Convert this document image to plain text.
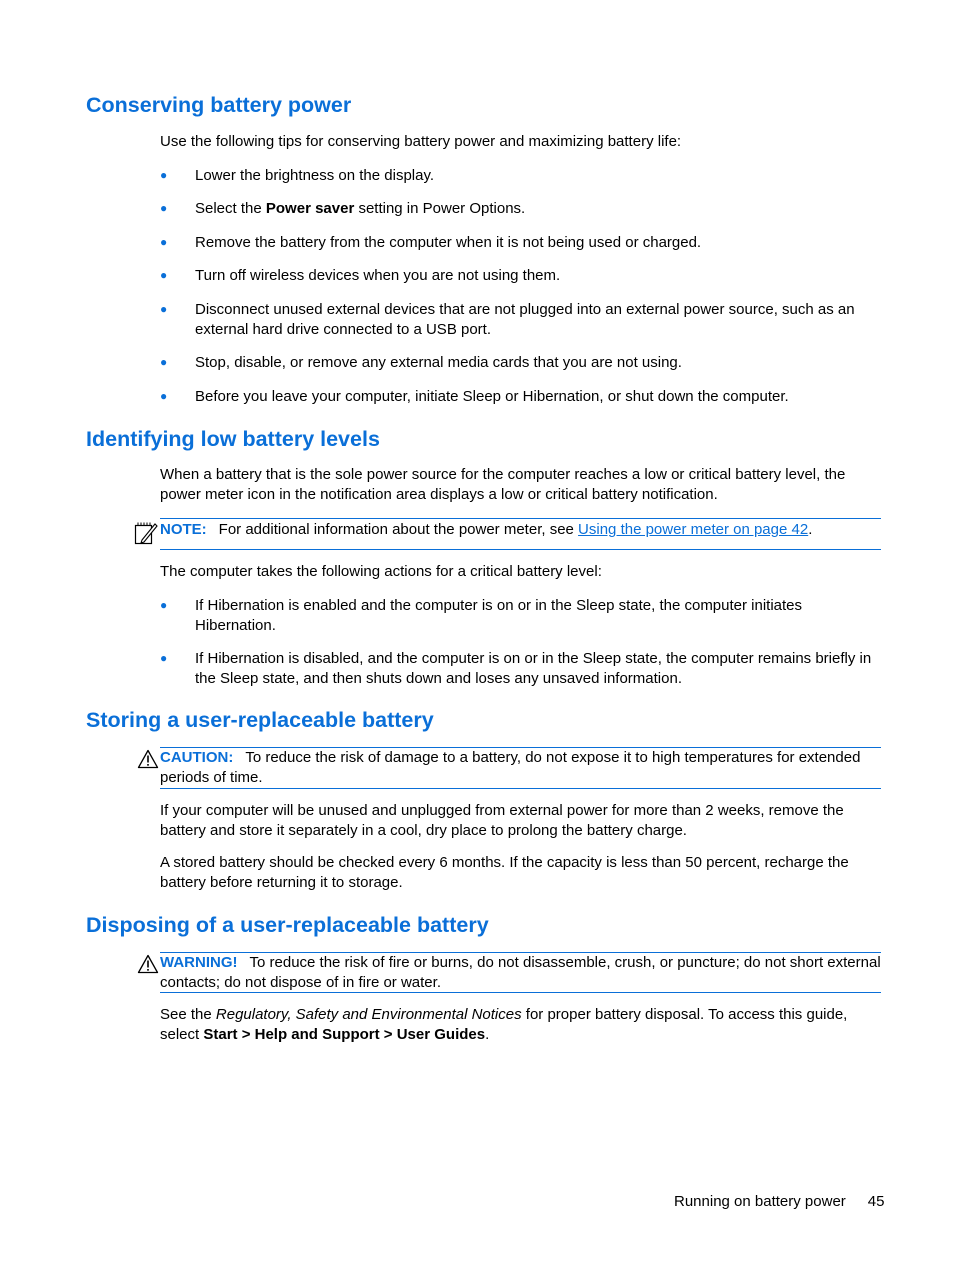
Conserving battery power

Use the following tips for conserving battery power and maximizing battery life:

● Lower the brightness on the display.
● Select the Power saver setting in Power Options.
● Remove the battery from the computer when it is not being used or charged.
● Turn off wireless devices when you are not using them.
● Disconnect unused external devices that are not plugged into an external power source, such as an external hard drive connected to a USB port.
● Stop, disable, or remove any external media cards that you are not using.
● Before you leave your computer, initiate Sleep or Hibernation, or shut down the computer.
Identifying low battery levels

When a battery that is the sole power source for the computer reaches a low or critical battery level, the power meter icon in the notification area displays a low or critical battery notification.

NOTE: For additional information about the power meter, see Using the power meter on page 42.

The computer takes the following actions for a critical battery level:

● If Hibernation is enabled and the computer is on or in the Sleep state, the computer initiates Hibernation.
● If Hibernation is disabled, and the computer is on or in the Sleep state, the computer remains briefly in the Sleep state, and then shuts down and loses any unsaved information.
Storing a user-replaceable battery
CAUTION: To reduce the risk of damage to a battery, do not expose it to high temperatures for extended periods of time.

If your computer will be unused and unplugged from external power for more than 2 weeks, remove the battery and store it separately in a cool, dry place to prolong the battery charge.

A stored battery should be checked every 6 months. If the capacity is less than 50 percent, recharge the battery before returning it to storage.

Disposing of a user-replaceable battery
WARNING! To reduce the risk of fire or burns, do not disassemble, crush, or puncture; do not short external contacts; do not dispose of in fire or water.

See the Regulatory, Safety and Environmental Notices for proper battery disposal. To access this guide, select Start > Help and Support > User Guides.

Running on battery power 45
